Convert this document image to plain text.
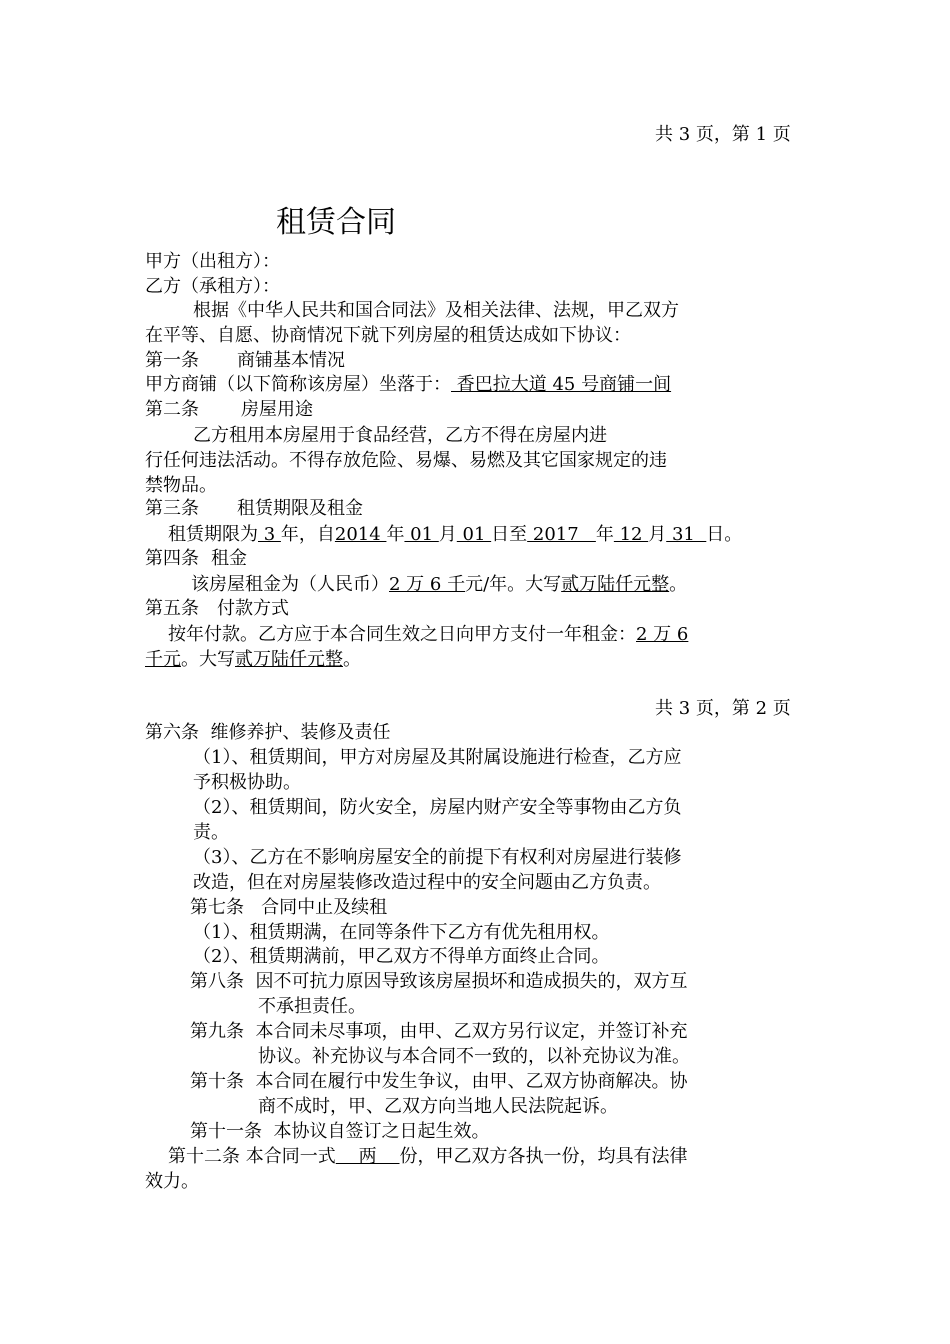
共 3 页，第 1 页
租赁合同
甲方（出租方）：
乙方（承租方）：
根据《中华人民共和国合同法》及相关法律、法规，甲乙双方
在平等、自愿、协商情况下就下列房屋的租赁达成如下协议：
第一条 商铺基本情况
甲方商铺（以下简称该房屋）坐落于： 香巴拉大道 45 号商铺一间
第二条 房屋用途
乙方租用本房屋用于食品经营，乙方不得在房屋内进
行任何违法活动。不得存放危险、易爆、易燃及其它国家规定的违
禁物品。
第三条 租赁期限及租金
租赁期限为 3 年，自2014 年 01 月 01 日至 2017   年 12 月 31  日。
第四条 租金
该房屋租金为（人民币）2 万 6 千元/年。大写贰万陆仟元整。
第五条 付款方式
按年付款。乙方应于本合同生效之日向甲方支付一年租金：2 万 6
千元。大写贰万陆仟元整。
共 3 页，第 2 页
第六条  维修养护、装修及责任
（1）、租赁期间，甲方对房屋及其附属设施进行检查，乙方应
予积极协助。
（2）、租赁期间，防火安全，房屋内财产安全等事物由乙方负
责。
（3）、乙方在不影响房屋安全的前提下有权利对房屋进行装修
改造，但在对房屋装修改造过程中的安全问题由乙方负责。
第七条   合同中止及续租
（1）、租赁期满，在同等条件下乙方有优先租用权。
（2）、租赁期满前，甲乙双方不得单方面终止合同。
第八条  因不可抗力原因导致该房屋损坏和造成损失的，双方互
不承担责任。
第九条  本合同未尽事项，由甲、乙双方另行议定，并签订补充
协议。补充协议与本合同不一致的，以补充协议为准。
第十条  本合同在履行中发生争议，由甲、乙双方协商解决。协
商不成时，甲、乙双方向当地人民法院起诉。
第十一条  本协议自签订之日起生效。
第十二条 本合同一式    两    份，甲乙双方各执一份，均具有法律
效力。
